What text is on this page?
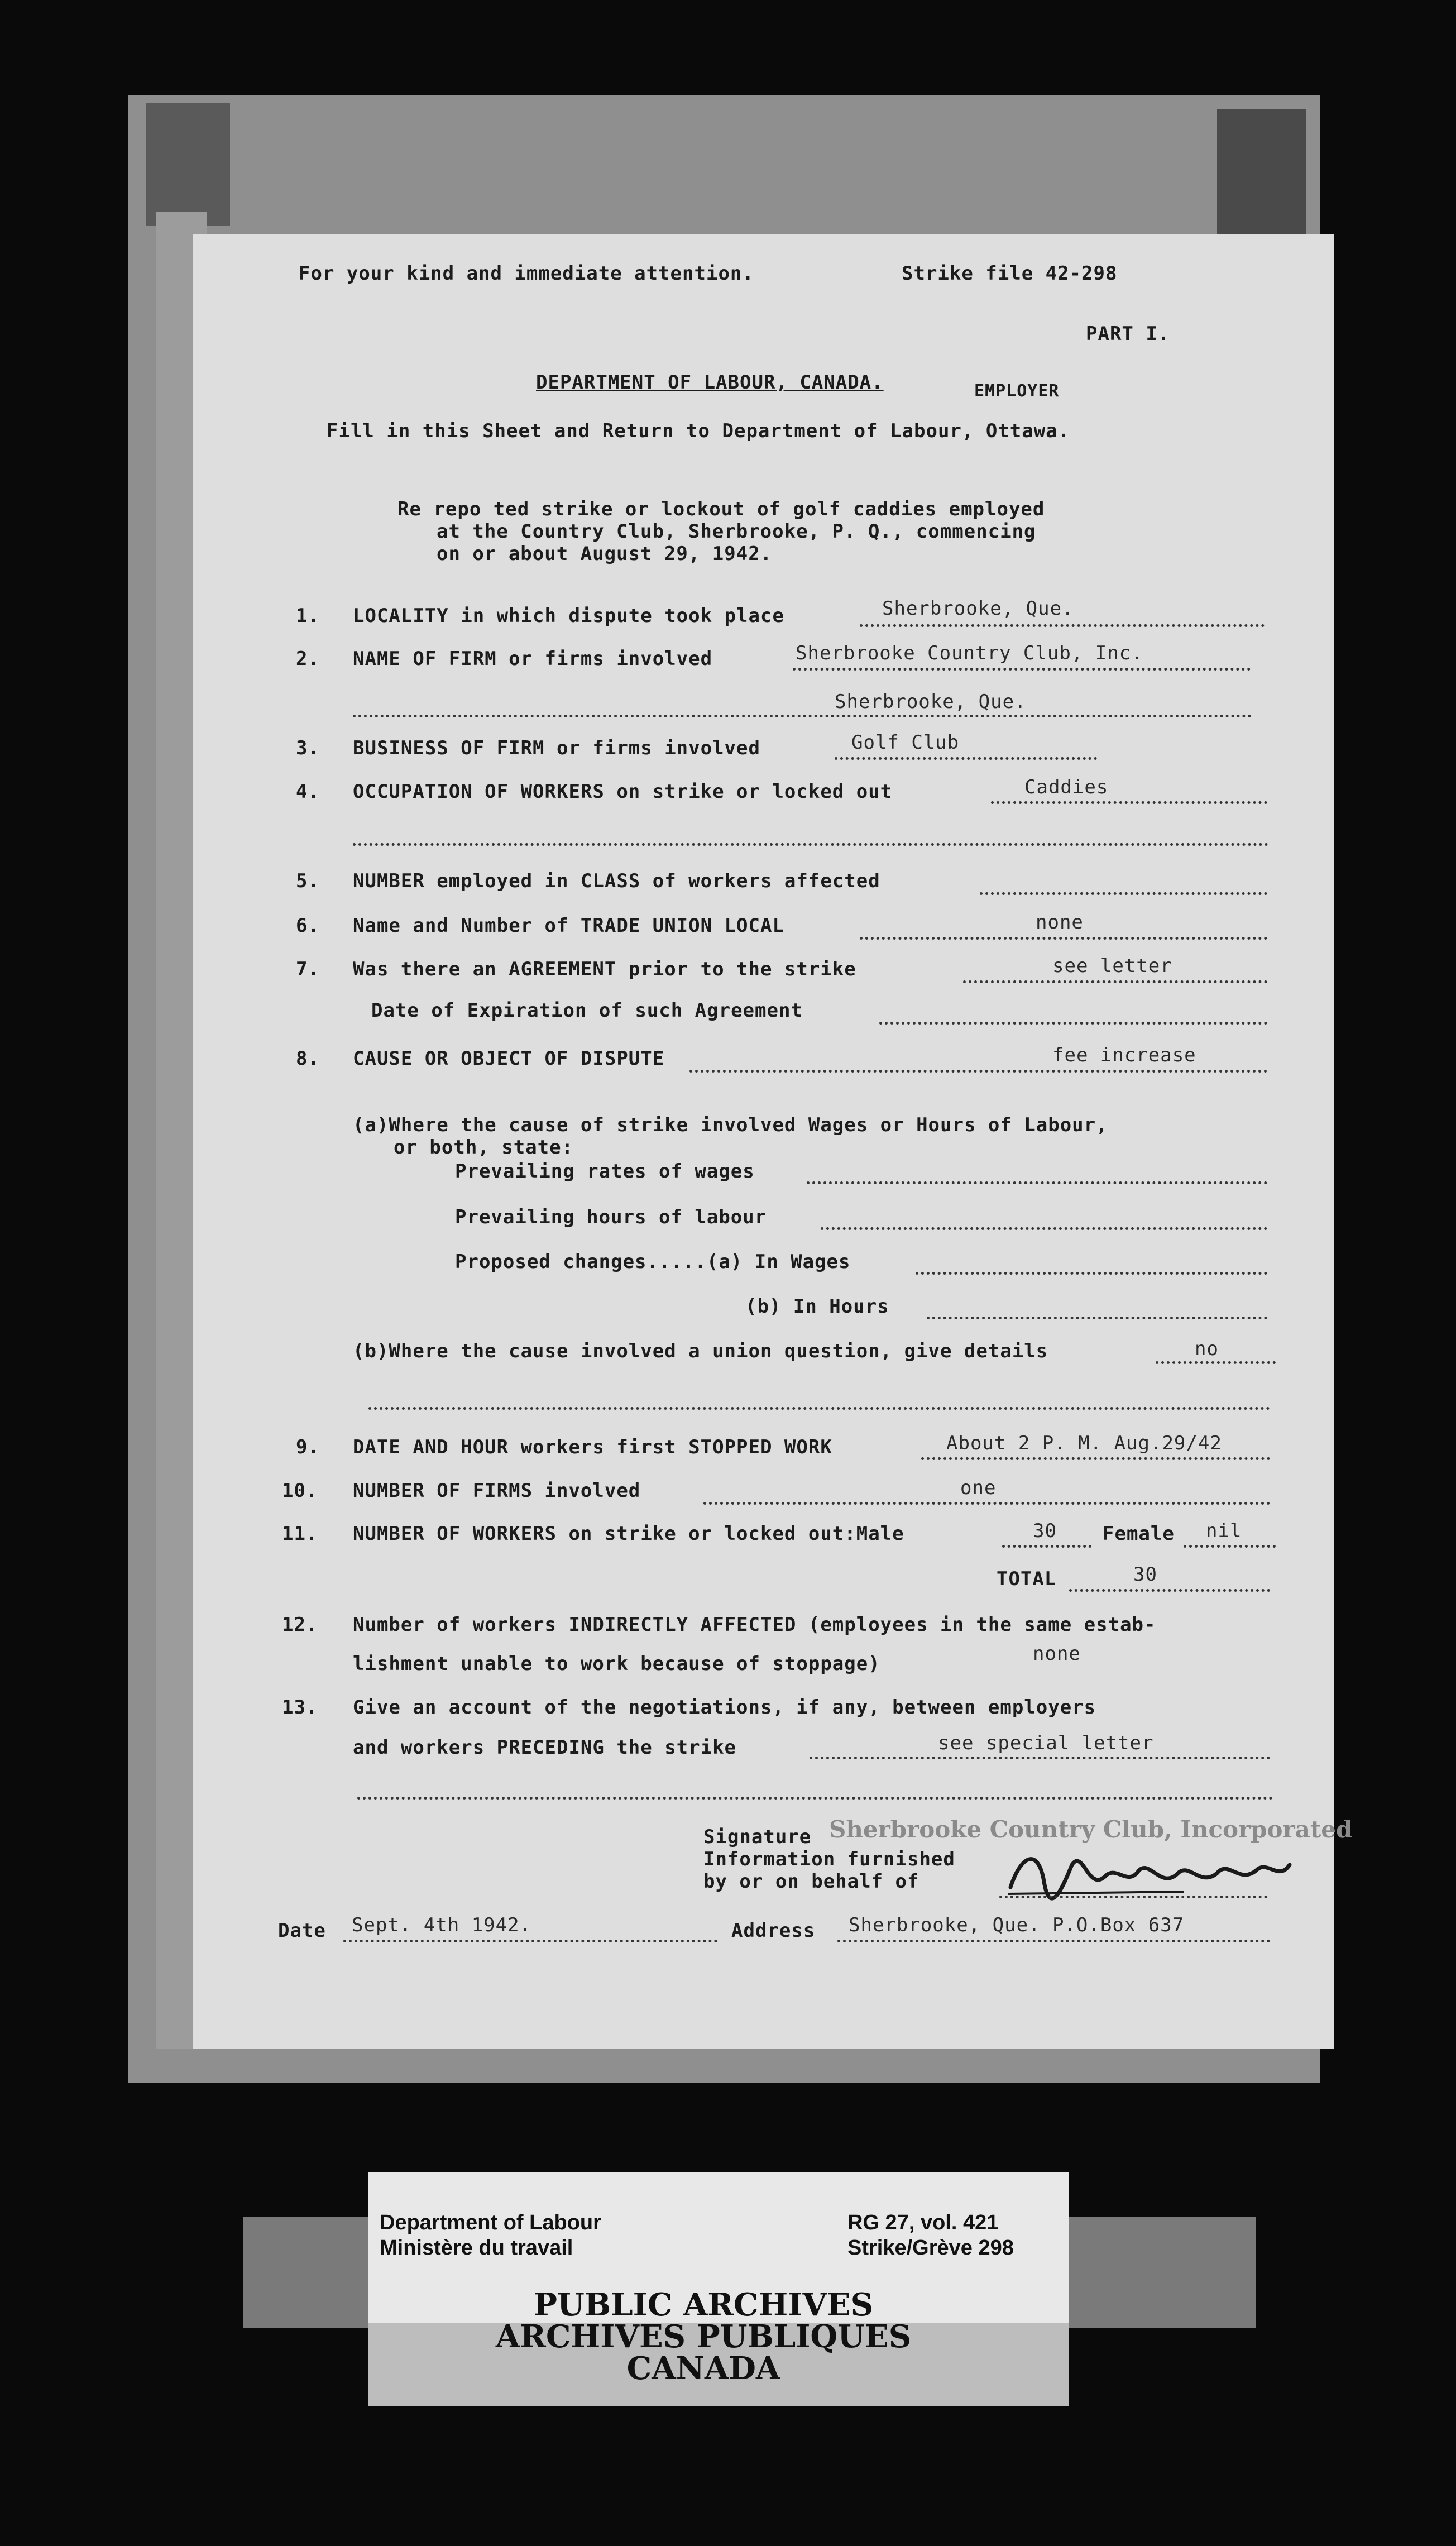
For your kind and immediate attention.	Strike file 42-298
PART I.
DEPARTMENT OF LABOUR, CANADA.	EMPLOYER
Fill in this Sheet and Return to Department of Labour, Ottawa.
Re repo ted strike or lockout of golf caddies employed
at the Country Club, Sherbrooke, P. Q., commencing
on or about August 29, 1942.
1. LOCALITY in which dispute took place	Sherbrooke, Que.
2. NAME OF FIRM or firms involved	Sherbrooke Country Club, Inc.
Sherbrooke, Que.
3. BUSINESS OF FIRM or firms involved	Golf Club
4. OCCUPATION OF WORKERS on strike or locked out	Caddies
5. NUMBER employed in CLASS of workers affected
6. Name and Number of TRADE UNION LOCAL	none
7. Was there an AGREEMENT prior to the strike	see letter
Date of Expiration of such Agreement
8. CAUSE OR OBJECT OF DISPUTE	fee increase
(a)Where the cause of strike involved Wages or Hours of Labour,
or both, state:
Prevailing rates of wages
Prevailing hours of labour
Proposed changes.....(a) In Wages
(b) In Hours
(b)Where the cause involved a union question, give details	no
9. DATE AND HOUR workers first STOPPED WORK	About 2 P. M. Aug.29/42
10. NUMBER OF FIRMS involved	one
11. NUMBER OF WORKERS on strike or locked out:Male	30 Female nil
TOTAL	30
12. Number of workers INDIRECTLY AFFECTED (employees in the same estab-
lishment unable to work because of stoppage)	none
13. Give an account of the negotiations, if any, between employers
and workers PRECEDING the strike	see special letter
Signature Sherbrooke Country Club, Incorporated
Information furnished
by or on behalf of
Date Sept. 4th 1942.	Address Sherbrooke, Que. P.O.Box 637
Department of Labour
Ministère du travail
RG 27, vol. 421
Strike/Grève 298
PUBLIC ARCHIVES
ARCHIVES PUBLIQUES
CANADA
